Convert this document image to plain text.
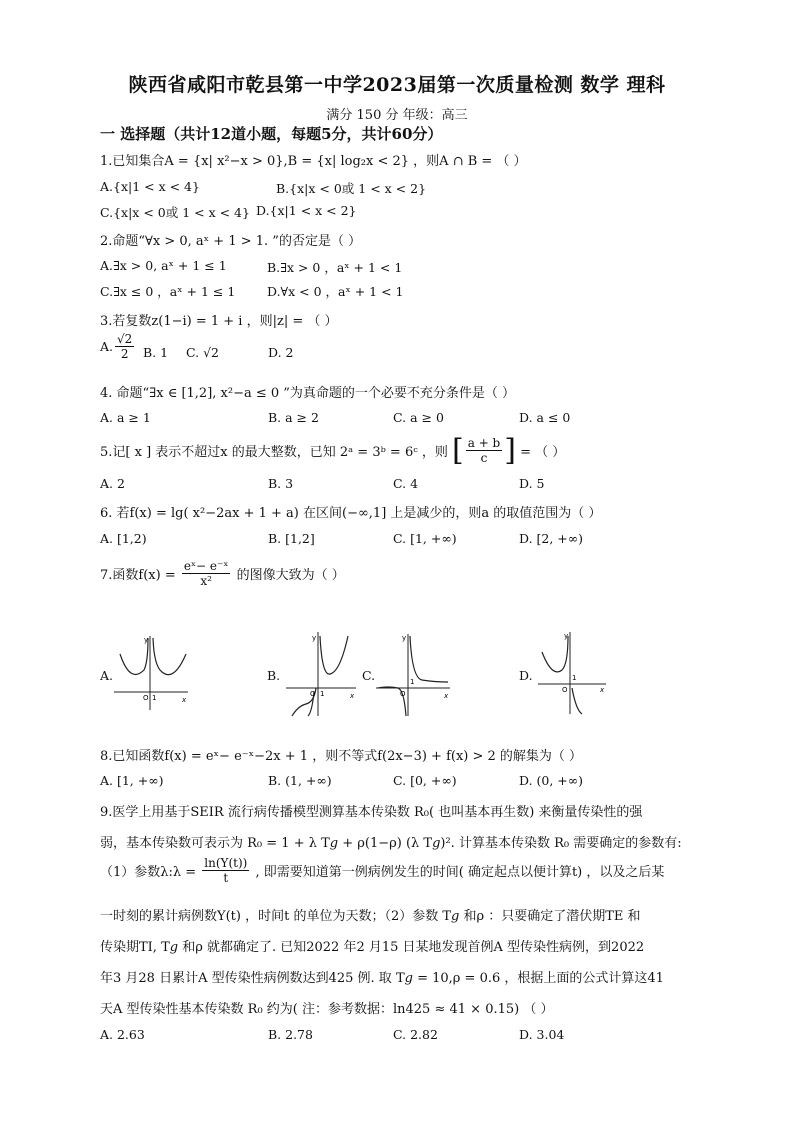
陕西省咸阳市乾县第一中学2023届第一次质量检测 数学 理科
满分 150 分 年级：高三
一 选择题（共计12道小题，每题5分，共计60分）
1.已知集合A = {x| x²−x > 0},B = {x| log₂x < 2} ，则A ∩ B = （ ）
A.{x|1 < x < 4}	B.{x|x < 0或 1 < x < 2}
C.{x|x < 0或 1 < x < 4} D.{x|1 < x < 2}
2.命题“∀x > 0, aˣ + 1 > 1. ”的否定是（ ）
A.∃x > 0, aˣ + 1 ≤ 1	B.∃x > 0 ，aˣ + 1 < 1
C.∃x ≤ 0 ，aˣ + 1 ≤ 1	D.∀x < 0 ，aˣ + 1 < 1
3.若复数z(1−i) = 1 + i ，则|z| = （ ）
A. $\frac{√2}{2} B$. 1 C. √2	D. 2
4. 命题“∃x ∈ [1,2], x²−a ≤ 0 ”为真命题的一个必要不充分条件是（ ）
A. a ≥ 1	B. a ≥ 2	C. a ≥ 0	D. a ≤ 0
5.记[ x ] 表示不超过x 的最大整数，已知 2ᵃ = 3ᵇ = 6ᶜ ，则 [ $\frac{a + b}{c}$ ] = （ ）
A. 2	B. 3	C. 4	D. 5
6. 若f(x) = lg( x²−2ax + 1 + a) 在区间(−∞,1] 上是减少的，则a 的取值范围为（ ）
A. [1,2)	B. [1,2]	C. [1, +∞)	D. [2, +∞)
7.函数$f(x) = \frac{\text{eˣ− e⁻ˣ}}{\text{x²}}$ 的图像大致为（ ）
A.
y
x
O 1
B.
y
x
O 1
C.
y
x
O
1	D.
y
x
O
1
8.已知函数f(x) = eˣ− e⁻ˣ−2x + 1 ，则不等式f(2x−3) + f(x) > 2 的解集为（ ）
A. [1, +∞)	B. (1, +∞)	C. [0, +∞)	D. (0, +∞)
9.医学上用基于SEIR 流行病传播模型测算基本传染数 R₀( 也叫基本再生数) 来衡量传染性的强
弱，基本传染数可表示为 R₀ = 1 + λ T𝑔 + ρ(1−ρ) (λ T𝑔)². 计算基本传染数 R₀ 需要确定的参数有:
（1）参数λ:λ = $\frac{\ln(Y(t))}{t}$ , 即需要知道第一例病例发生的时间( 确定起点以便计算t) ，以及之后某
一时刻的累计病例数Y(t) ，时间t 的单位为天数；（2）参数 T𝑔 和ρ ：只要确定了潜伏期TE 和
传染期TI, T𝑔 和ρ 就都确定了. 已知2022 年2 月15 日某地发现首例A 型传染性病例，到2022
年3 月28 日累计A 型传染性病例数达到425 例. 取 T𝑔 = 10,ρ = 0.6 ，根据上面的公式计算这41
天A 型传染性基本传染数 R₀ 约为( 注：参考数据：ln425 ≈ 41 × 0.15) （ ）
A. 2.63	B. 2.78	C. 2.82	D. 3.04
